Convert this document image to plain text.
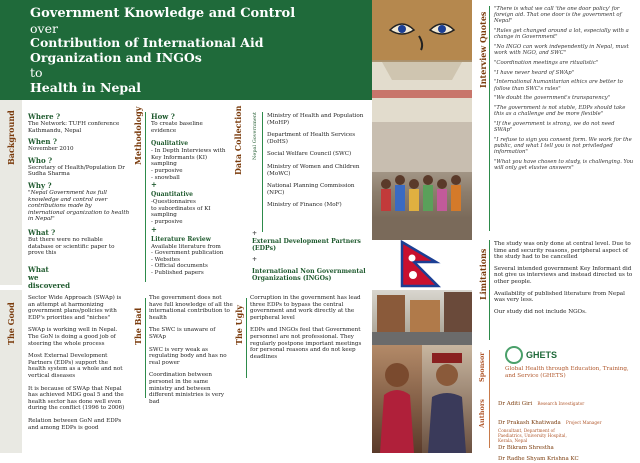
Government Knowledge and Control
over
Contribution of International Aid
Organization and INGOs
to
Health in Nepal
Background Where ?
The Network: TUFH conference Kathmandu, Nepal
When ?
November 2010
Who ?
Secretary of Health/Population Dr Sudha Sharma
Why ?
"Nepal Government has full knowledge and control over contributions made by international organization to health in Nepal"
What ?
But there were no reliable database or scientific paper to prove this
What
we
discovered
Methodology How ?
To create baseline evidence
Qualitative
- In Depth Interviews with Key Informants (KI)
sampling
- purposive
- snowball
+
Quantitative
-Questionnaires
to subordinates of KI
sampling
- purposive
+
Literature Review
Available literature from
- Government publication
- Websites
- Official documents
- Published papers
Data Collection Nepal Government Ministry of Health and Population (MoHP)
Department of Health Services (DoHS)
Social Welfare Council (SWC)
Ministry of Women and Children (MoWC)
National Planning Commission (NPC)
Ministry of Finance (MoF)
+
External Development Partners (EDPs)
+
International Non Governmental Organizations (INGOs)
The Good
Sector Wide Approach (SWAp) is an attempt at harmonizing government plans/policies with EDP's priorities and "niches"
SWAp is working well in Nepal. The GoN is doing a good job of steering the whole process
Most External Development Partners (EDPs) support the health system as a whole and not vertical diseases
It is because of SWAp that Nepal has achieved MDG goal 5 and the health sector has done well even during the conflict (1996 to 2006)
Relation between GoN and EDPs and among EDPs is good
The Bad
The government does not have full knowledge of all the international contribution to health
The SWC is unaware of SWAp
SWC is very weak as regulating body and has no real power
Coordination between personel in the same ministry and between different ministries is very bad
The Ugly
Corruption in the government has lead three EDPs to bypass the central government and work directly at the peripheral level
EDPs and INGOs feel that Government personnel are not professional. They regularly postpone important meetings for personal reasons and do not keep deadlines
Interview Quotes
"There is what we call 'the one door policy' for foreign aid. That one door is the government of Nepal"
"Rules get changed around a lot, especially with a change in Government"
"No INGO can work independently in Nepal, must work with NGO, and SWC"
"Coordination meetings are ritualistic"
"I have never heard of SWAp"
"International humanitarian ethics are better to follow than SWC's rules"
"We doubt the government's transparency"
"The government is not stable, EDPs should take this as a challenge and be more flexible"
"If the government is strong, we do not need SWAp"
"I refuse to sign you consent form. We work for the public, and what I tell you is not priviledged information"
"What you have chosen to study, is challenging. You will only get elusive answers"
Limitations
The study was only done at central level. Due to time and security reasons, peripheral aspect of the study had to be cancelled
Several intended government Key Informant did not give us interviews and instead directed us to other people.
Availability of published literature from Nepal was very less.
Our study did not include NGOs.
Sponsor
Authors
GHETS
Global Health through Education, Training, and Service (GHETS)
Dr Aditi Giri Research Investigator
Dr Prakash Khatiwada Project Manager
Consultant, Department of Paediatrics, University Hospital, Kerala, Nepal
Dr Bikram Shrestha
Dr Radhe Shyam Krishna KC
